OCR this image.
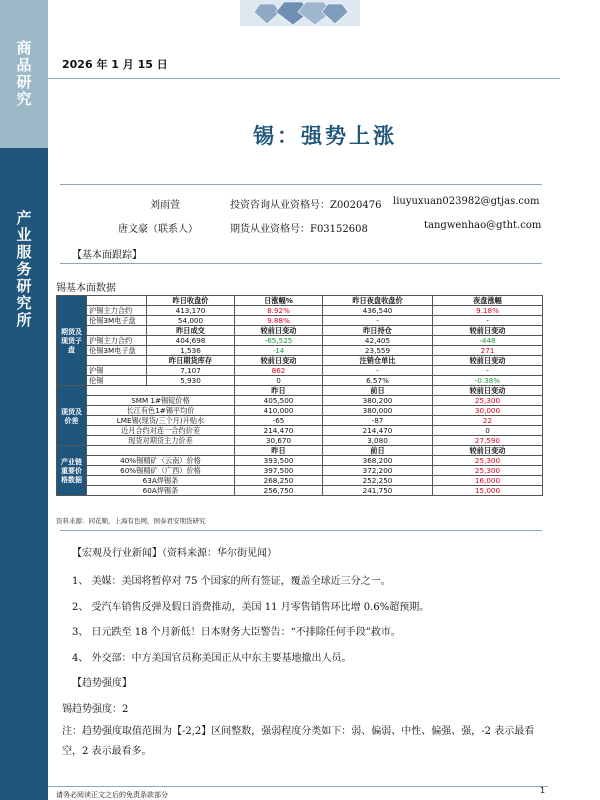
商品研究
产业服务研究所
2026 年 1 月 15 日
锡：强势上涨
刘雨萱	投资咨询从业资格号：Z0020476 liuyuxuan023982@gtjas.com
唐文豪（联系人）	期货从业资格号：F03152608	tangwenhao@gtht.com
【基本面跟踪】
锡基本面数据
期货及现货子盘		昨日收盘价	日涨幅%	昨日夜盘收盘价	夜盘涨幅
	沪锡主力合约	413,170	8.92%	436,540	9.18%
	伦锡3M电子盘	54,000	9.88%	-	-
		昨日成交	较前日变动	昨日持仓	较前日变动
	沪锡主力合约	404,698	-65,525	42,405	-448
	伦锡3M电子盘	1,536	-14	23,559	271
		昨日期货库存	较前日变动	注销仓单比	较前日变动
	沪锡	7,107	862	-	-
	伦锡	5,930	0	6.57%	-0.38%
现货及价差			昨日	前日	较前日变动
	SMM 1#锡锭价格		405,500	380,200	25,300
	长江有色1#锡平均价		410,000	380,000	30,000
	LME锡(现货/三个月)升贴水		-65	-87	22
	近月合约对连一合约价差		214,470	214,470	0
	现货对期货主力价差		30,670	3,080	27,590
产业链重要价格数据			昨日	前日	较前日变动
	40%锡精矿（云南）价格		393,500	368,200	25,300
	60%锡精矿（广西）价格		397,500	372,200	25,300
	63A焊锡条		268,250	252,250	16,000
	60A焊锡条		256,750	241,750	15,000
资料来源：同花顺，上海有色网，国泰君安期货研究
【宏观及行业新闻】（资料来源：华尔街见闻）
1、 美媒：美国将暂停对 75 个国家的所有签证，覆盖全球近三分之一。
2、 受汽车销售反弹及假日消费推动，美国 11 月零售销售环比增 0.6%超预期。
3、 日元跌至 18 个月新低！日本财务大臣警告：“不排除任何手段”救市。
4、 外交部：中方美国官员称美国正从中东主要基地撤出人员。
【趋势强度】
锡趋势强度：2
注：趋势强度取值范围为【-2,2】区间整数，强弱程度分类如下：弱、偏弱、中性、偏强、强，-2 表示最看空，2 表示最看多。
请务必阅读正文之后的免责条款部分	1
